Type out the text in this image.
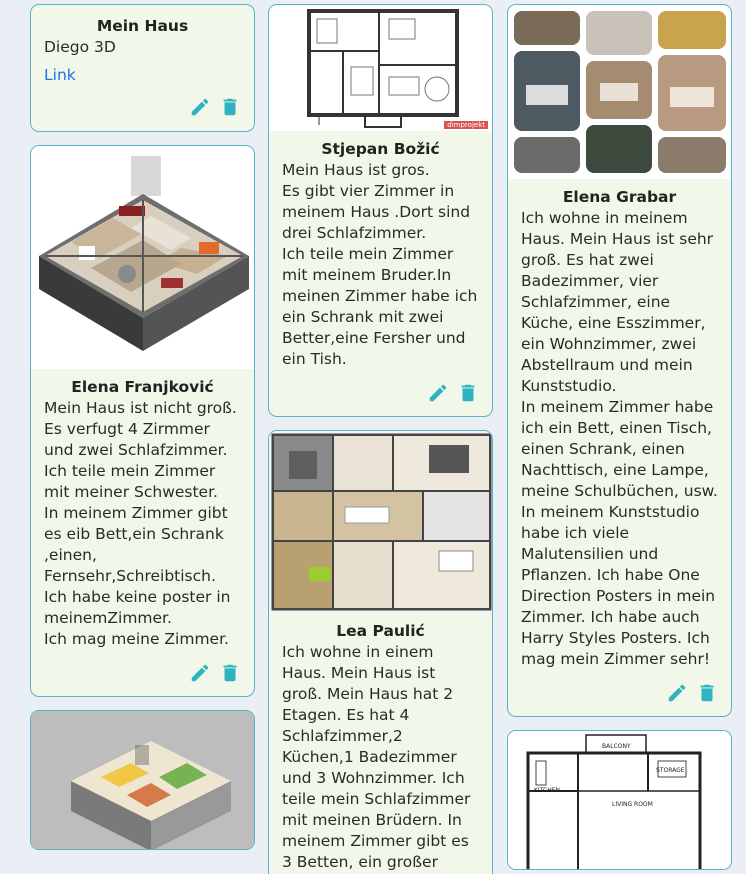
Mein Haus
Diego 3D
Link
Elena Franjković
Mein Haus ist nicht groß.
Es verfugt 4 Zirmmer und zwei Schlafzimmer.
Ich teile mein Zimmer mit meiner Schwester.
In meinem Zimmer gibt es eib Bett,ein Schrank ,einen, Fernsehr,Schreibtisch. Ich habe keine poster in meinemZimmer.
Ich mag meine Zimmer.
dimprojekt
Stjepan Božić
Mein Haus ist gros.
Es gibt vier Zimmer in meinem Haus .Dort sind drei Schlafzimmer.
Ich teile mein Zimmer mit meinem Bruder.In meinen Zimmer habe ich ein Schrank mit zwei Better,eine Fersher und ein Tish.
Lea Paulić
Ich wohne in einem Haus. Mein Haus ist groß. Mein Haus hat 2 Etagen. Es hat 4 Schlafzimmer,2 Küchen,1 Badezimmer und 3 Wohnzimmer. Ich teile mein Schlafzimmer mit meinen Brüdern. In meinem Zimmer gibt es 3 Betten, ein großer
Elena Grabar
Ich wohne in meinem Haus. Mein Haus ist sehr groß. Es hat zwei Badezimmer, vier Schlafzimmer, eine Küche, eine Esszimmer, ein Wohnzimmer, zwei Abstellraum und mein Kunststudio.
In meinem Zimmer habe ich ein Bett, einen Tisch, einen Schrank, einen Nachttisch, eine Lampe, meine Schulbüchen, usw. In meinem Kunststudio habe ich viele Malutensilien und Pflanzen. Ich habe One Direction Posters in mein Zimmer. Ich habe auch Harry Styles Posters. Ich mag mein Zimmer sehr!
BALCONY
STORAGE
KITCHEN
LIVING ROOM
